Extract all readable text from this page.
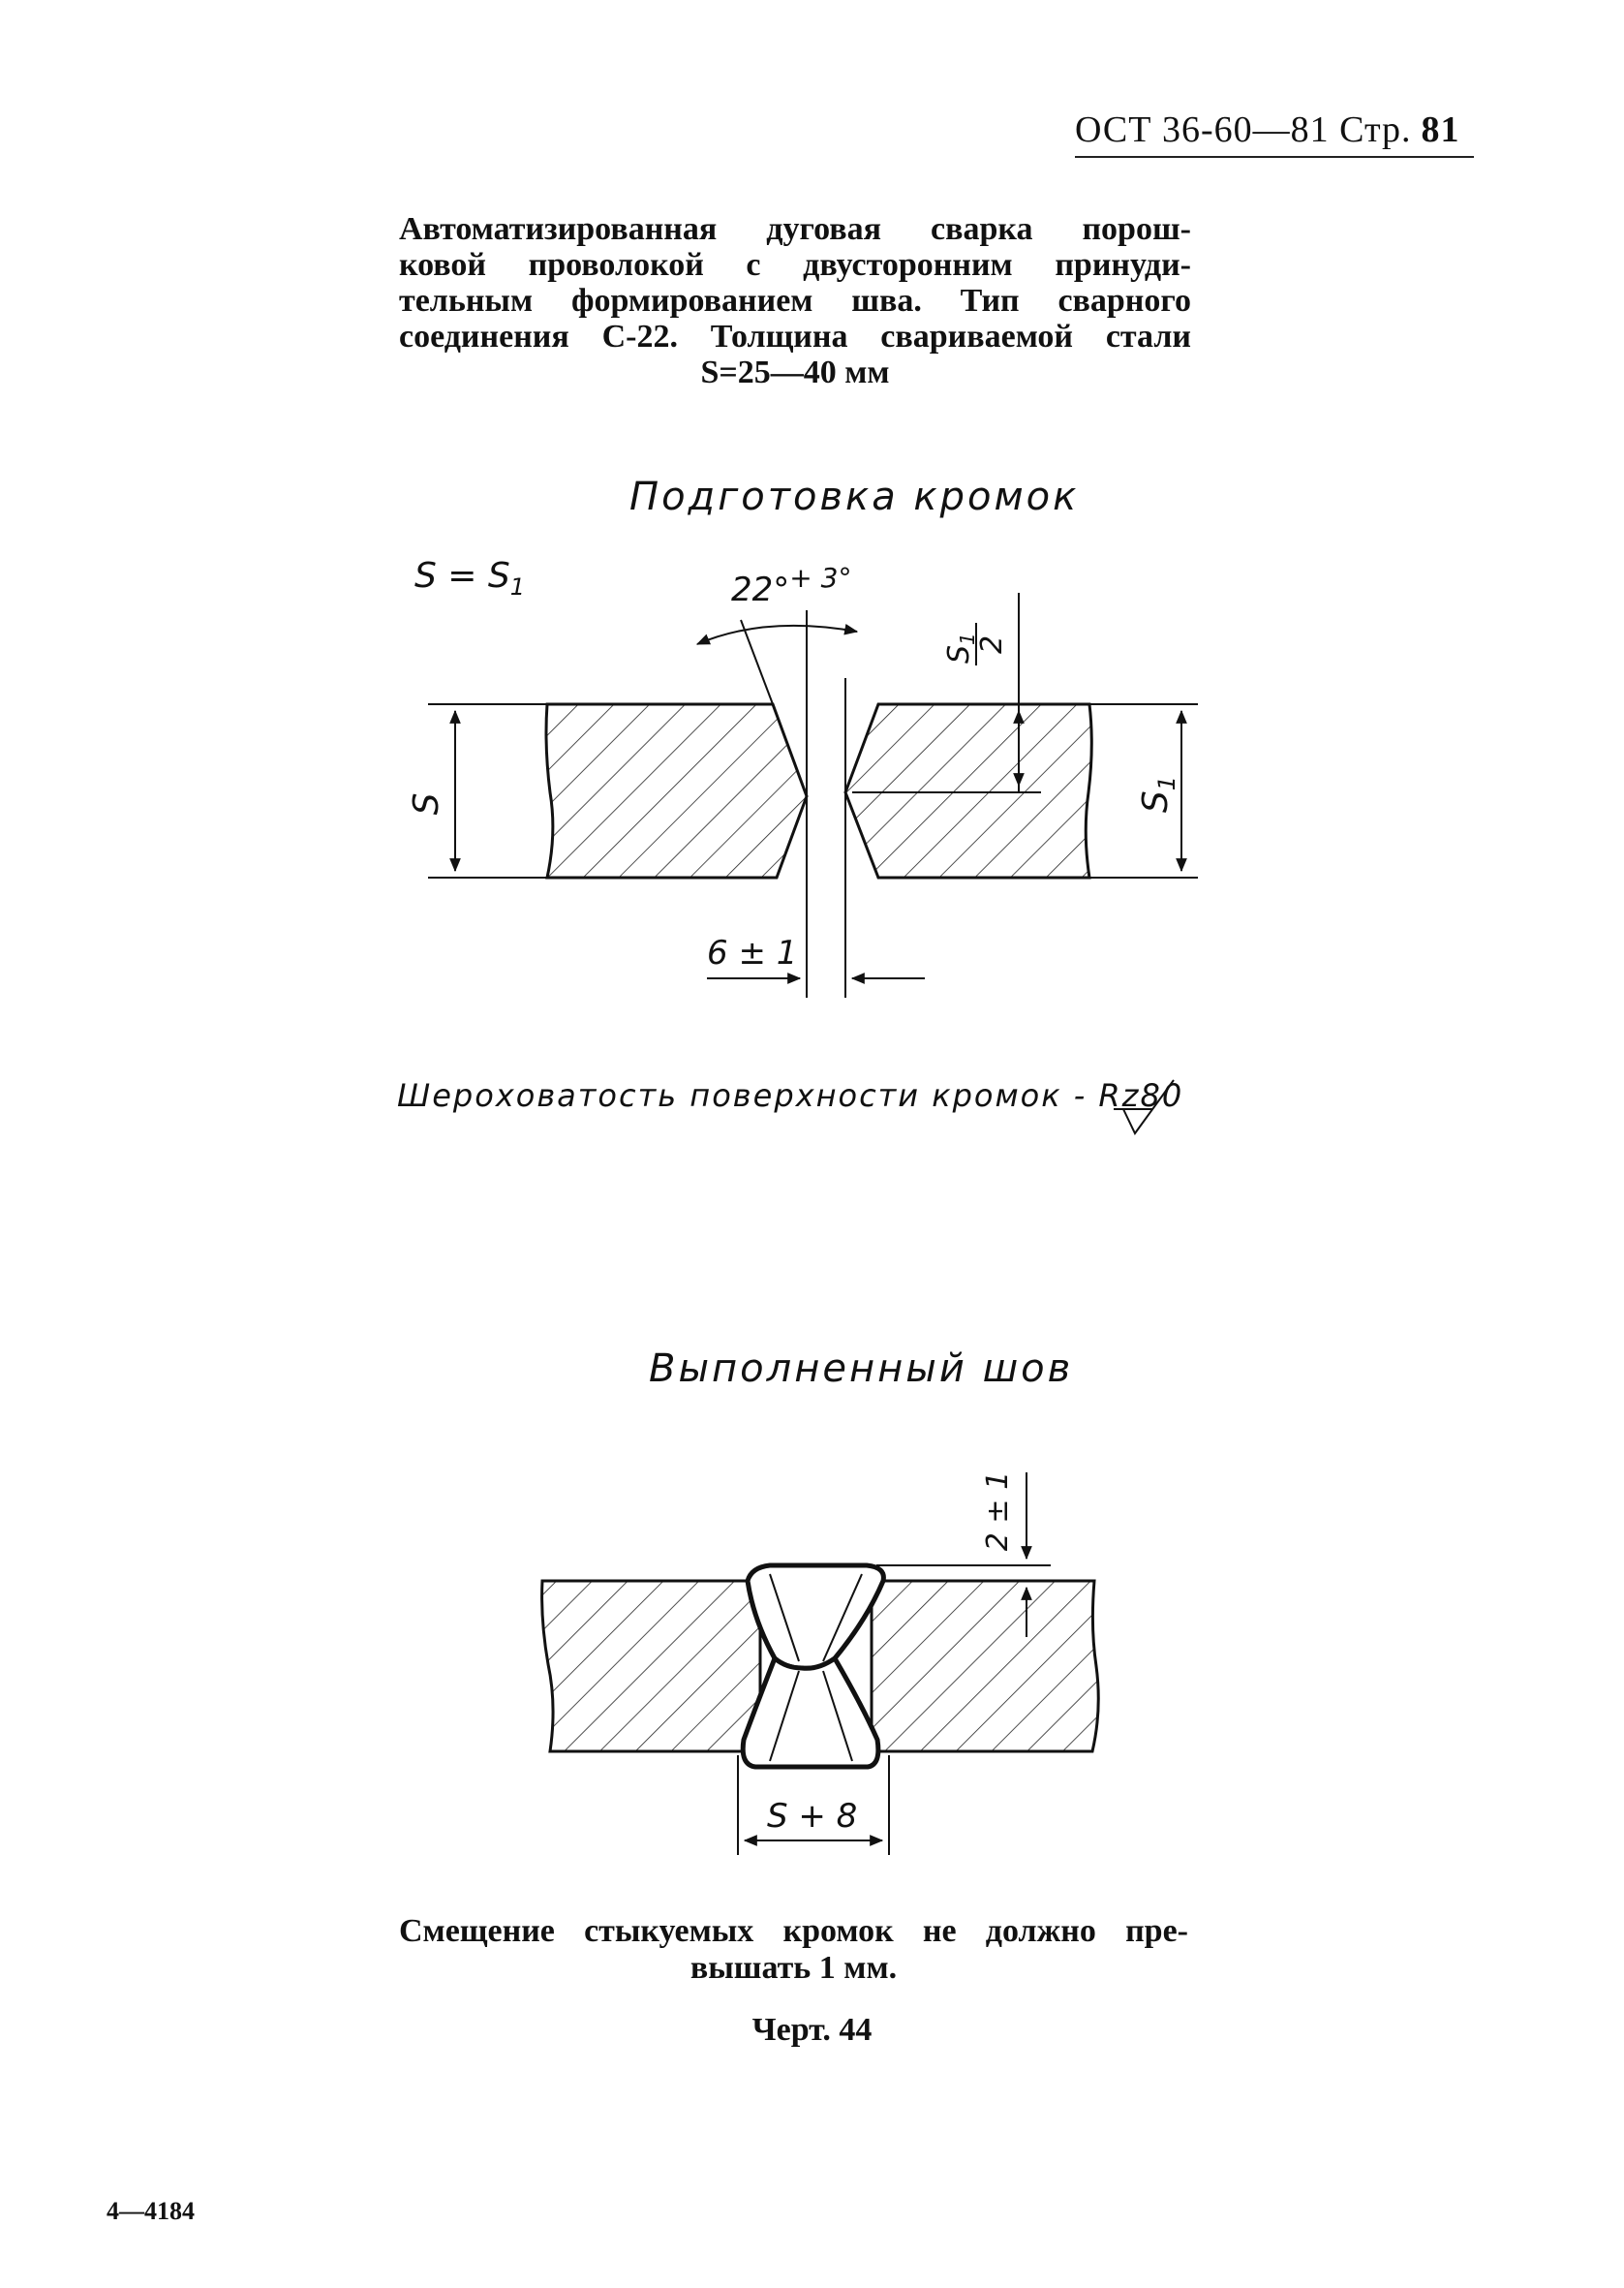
ОСТ 36-60—81 Стр. 81
Автоматизированная дуговая сварка порош-
ковой проволокой с двусторонним принуди-
тельным формированием шва. Тип сварного
соединения С-22. Толщина свариваемой стали
S=25—40 мм
Подготовка кромок
$S = S_1$	22°$^{+ 3^\circ}$
$S_1$
2
S	$S_1$
6 ± 1
2 ± 1
S + 8
Шероховатость поверхности кромок - Rz80
Выполненный шов
Смещение стыкуемых кромок не должно пре-
вышать 1 мм.
Черт. 44
4—4184
